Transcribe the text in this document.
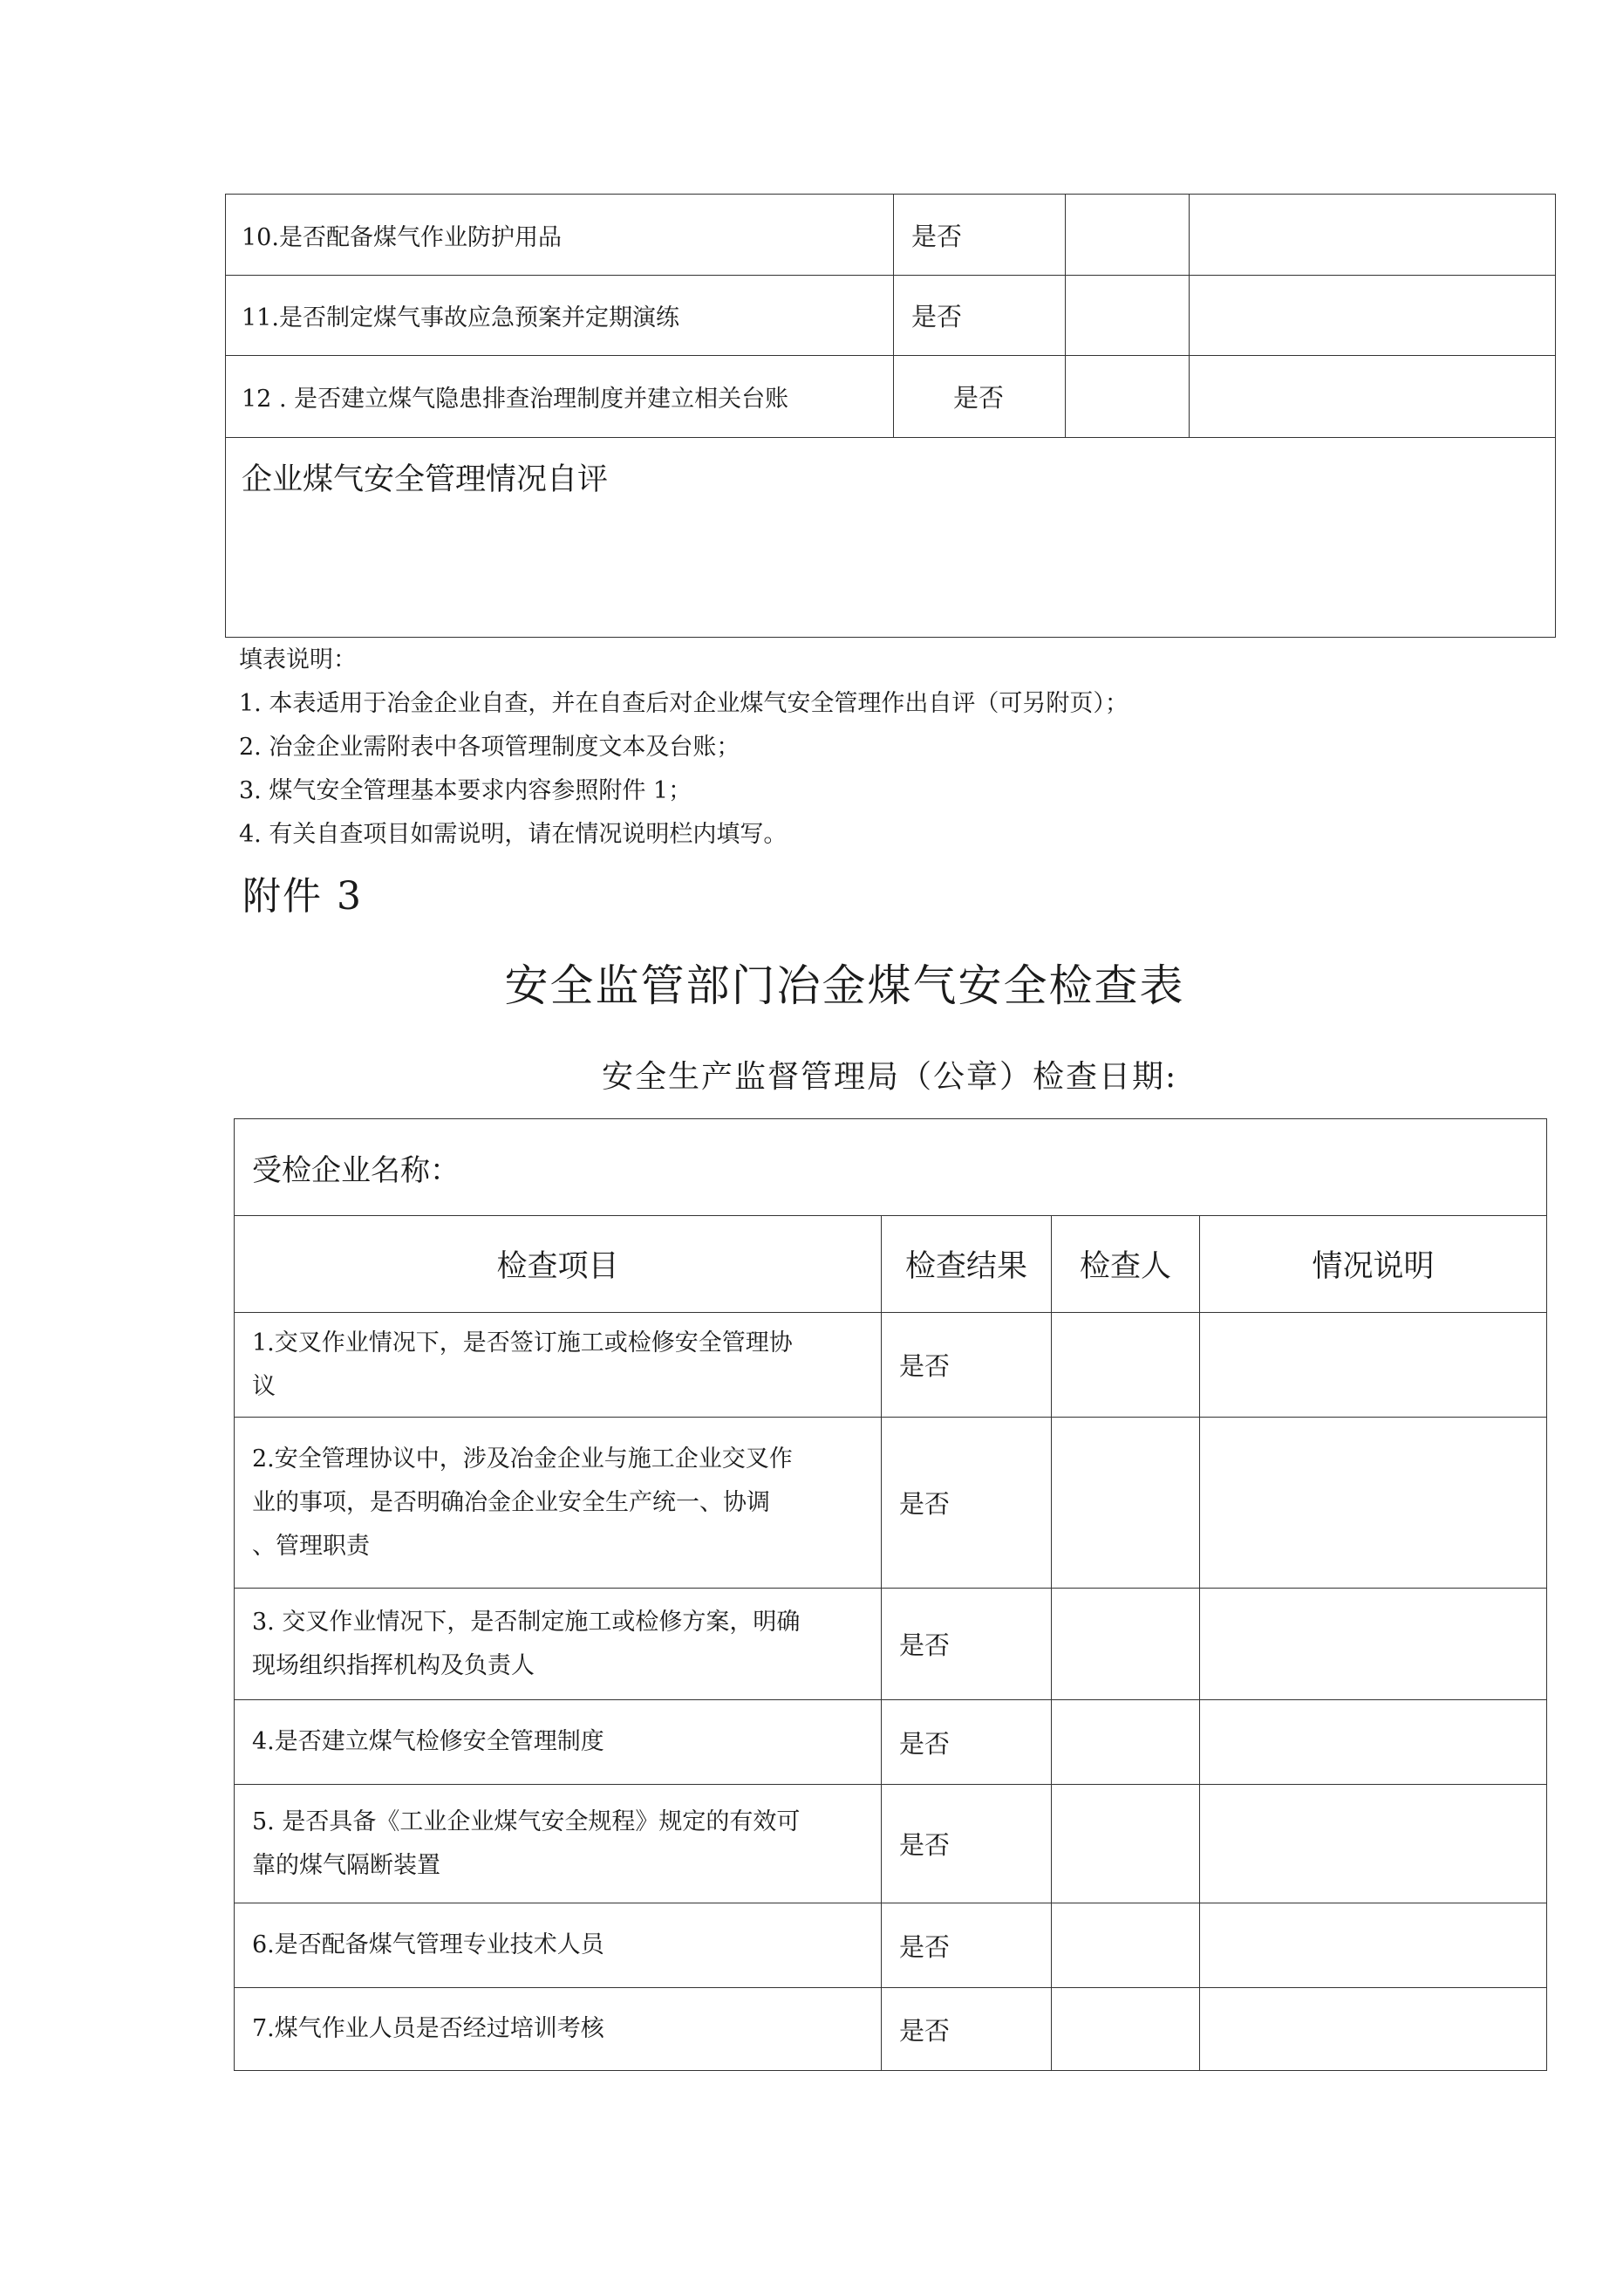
10.是否配备煤气作业防护用品	是否		
11.是否制定煤气事故应急预案并定期演练	是否		
12 . 是否建立煤气隐患排查治理制度并建立相关台账	是否		
企业煤气安全管理情况自评			
填表说明：
1. 本表适用于冶金企业自查，并在自查后对企业煤气安全管理作出自评（可另附页）；
2. 冶金企业需附表中各项管理制度文本及台账；
3. 煤气安全管理基本要求内容参照附件 1；
4. 有关自查项目如需说明，请在情况说明栏内填写。
附件 3
安全监管部门冶金煤气安全检查表
安全生产监督管理局（公章）检查日期:
受检企业名称：			
检查项目	检查结果	检查人	情况说明

1.交叉作业情况下，是否签订施工或检修安全管理协
议	是否		

2.安全管理协议中，涉及冶金企业与施工企业交叉作
业的事项，是否明确冶金企业安全生产统一、协调
、管理职责	是否		

3. 交叉作业情况下，是否制定施工或检修方案，明确
现场组织指挥机构及负责人	是否		

4.是否建立煤气检修安全管理制度	是否		

5. 是否具备《工业企业煤气安全规程》规定的有效可
靠的煤气隔断装置	是否		

6.是否配备煤气管理专业技术人员	是否		

7.煤气作业人员是否经过培训考核	是否		
